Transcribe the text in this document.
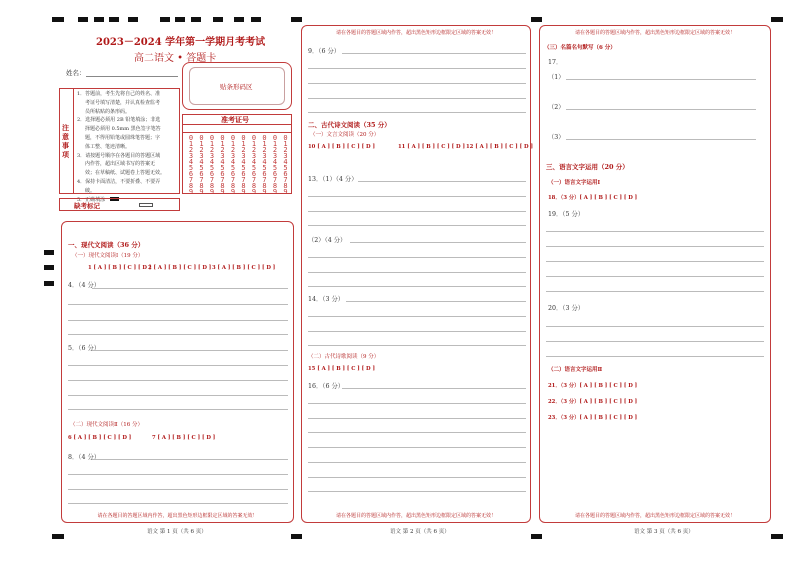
2023－2024 学年第一学期月考考试
高二语文 • 答题卡
姓名：
贴条形码区
注意事项
1．答题前，考生先将自己的姓名、准
考证号填写清楚，并认真检查监考
员所粘贴的条形码。
2．选择题必须用 2B 铅笔填涂；非选
择题必须用 0.5mm 黑色签字笔答
题，不得用铅笔或圆珠笔答题；字
体工整、笔迹清晰。
3．请按题号顺序在各题目的答题区域
内作答，超出区域书写的答案无
效；在草稿纸、试题卷上答题无效。
4．保持卡面清洁，不要折叠、不要弄
破。
5．正确填涂
准考证号
0
1
2
3
4
5
6
7
8
9
0
1
2
3
4
5
6
7
8
9
0
1
2
3
4
5
6
7
8
9
0
1
2
3
4
5
6
7
8
9
0
1
2
3
4
5
6
7
8
9
0
1
2
3
4
5
6
7
8
9
0
1
2
3
4
5
6
7
8
9
0
1
2
3
4
5
6
7
8
9
0
1
2
3
4
5
6
7
8
9
0
1
2
3
4
5
6
7
8
9
缺考标记
一、现代文阅读（36 分）
（一）现代文阅读Ⅰ（19 分）
1 [ A ] [ B ] [ C ] [ D ]
2 [ A ] [ B ] [ C ] [ D ] 3 [ A ] [ B ] [ C ] [ D ]
4．（4 分）
5．（6 分）
（二）现代文阅读Ⅱ（16 分）
6 [ A ] [ B ] [ C ] [ D ]	7 [ A ] [ B ] [ C ] [ D ]
8．（4 分）
请在各题目的答题区域内作答，超出黑色矩形边框限定区域的答案无效！
语文 第 1 页（共 6 页）
请在各题目的答题区域内作答，超出黑色矩形边框限定区域的答案无效！
9．（6 分）
二、古代诗文阅读（35 分）
（一）文言文阅读（20 分）
10 [ A ] [ B ] [ C ] [ D ]	11 [ A ] [ B ] [ C ] [ D ] 12 [ A ] [ B ] [ C ] [ D ]
13．（1）（4 分）
（2）（4 分）
14．（3 分）
（二）古代诗歌阅读（9 分）
15 [ A ] [ B ] [ C ] [ D ]
16．（6 分）
请在各题目的答题区域内作答，超出黑色矩形边框限定区域的答案无效！
语文 第 2 页（共 6 页）
请在各题目的答题区域内作答，超出黑色矩形边框限定区域的答案无效！
（三）名篇名句默写（6 分）
17．
（1）
（2）
（3）
三、语言文字运用（20 分）
（一）语言文字运用Ⅰ
18．（3 分）[ A ] [ B ] [ C ] [ D ]
19．（5 分）
20．（3 分）
（二）语言文字运用Ⅱ
21．（3 分）[ A ] [ B ] [ C ] [ D ]
22．（3 分）[ A ] [ B ] [ C ] [ D ]
23．（3 分）[ A ] [ B ] [ C ] [ D ]
请在各题目的答题区域内作答，超出黑色矩形边框限定区域的答案无效！
语文 第 3 页（共 6 页）
